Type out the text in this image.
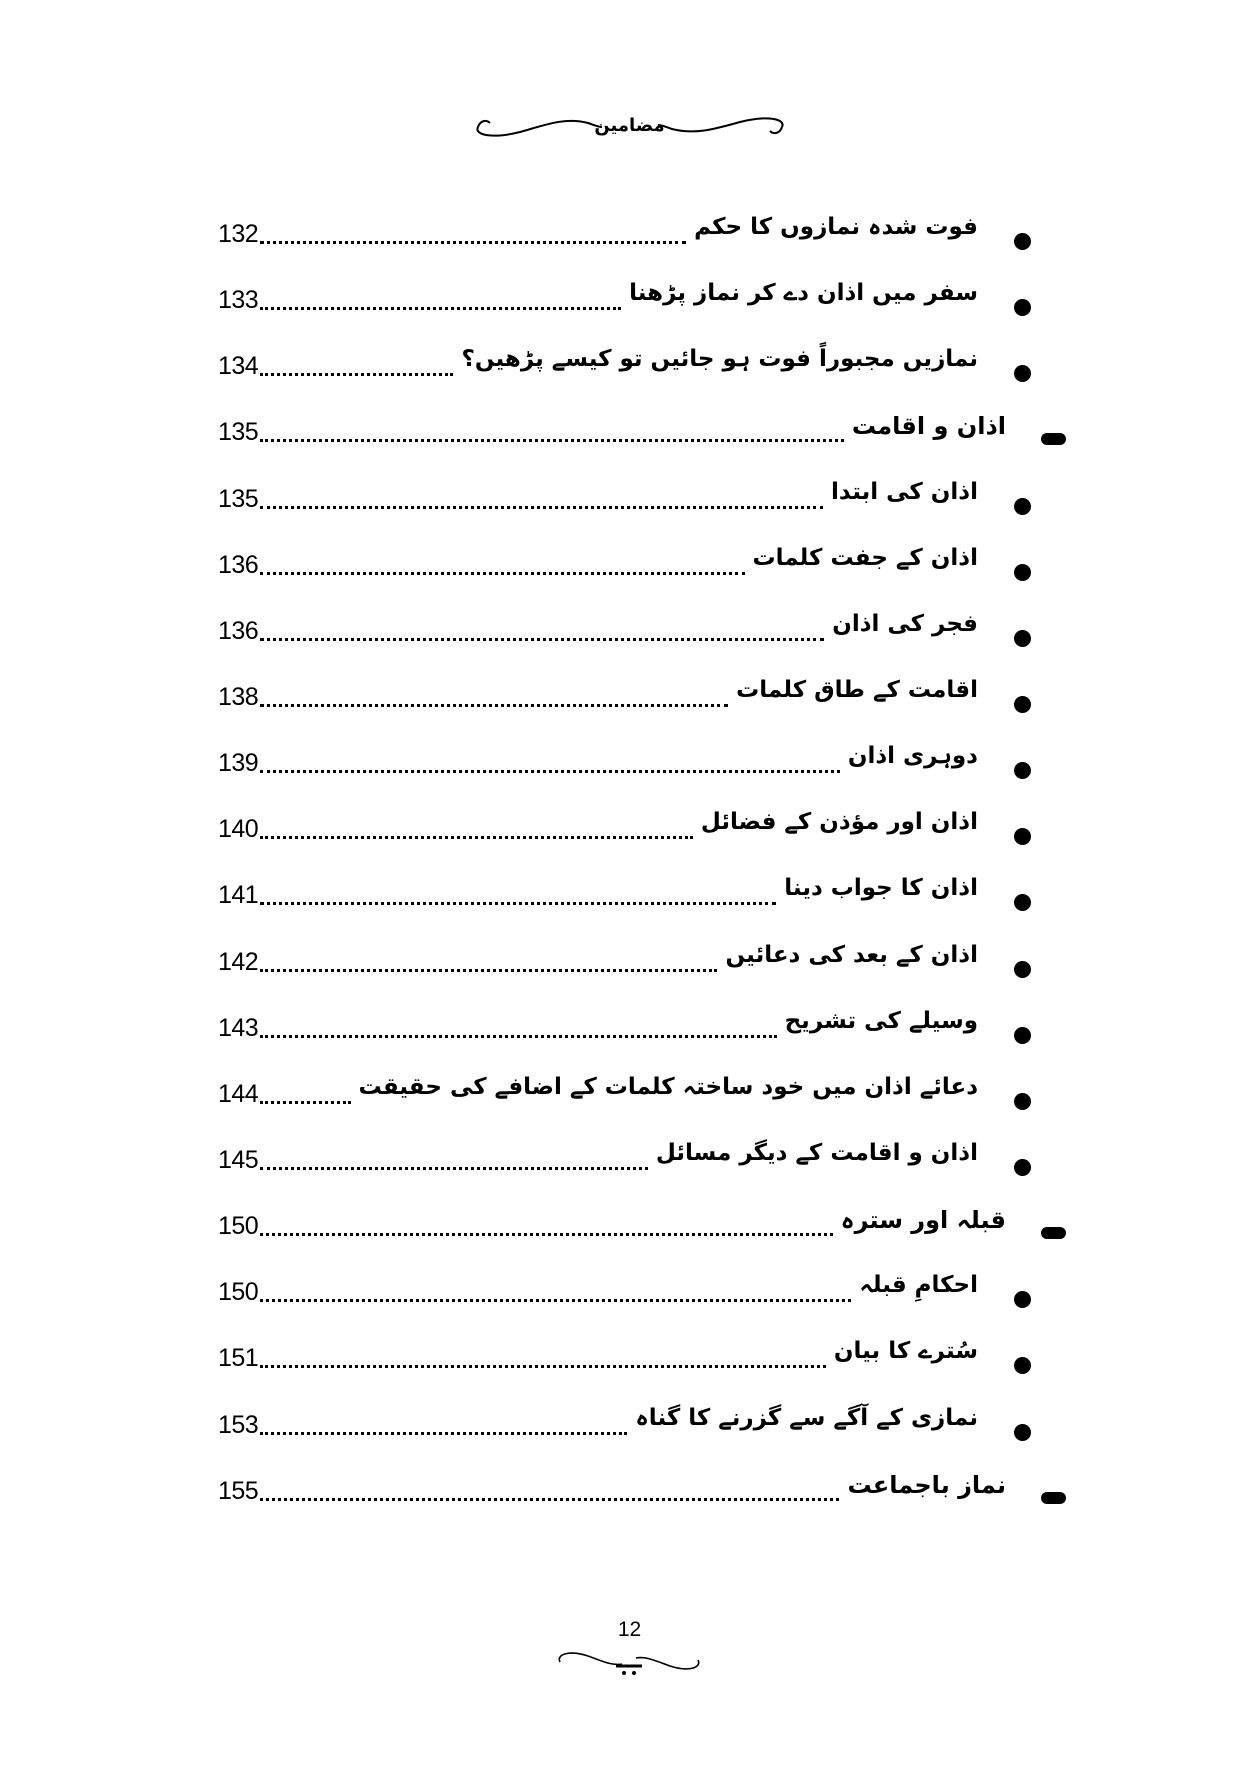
مضامین
132	فوت شدہ نمازوں کا حکم
133	سفر میں اذان دے کر نماز پڑھنا
134	نمازیں مجبوراً فوت ہو جائیں تو کیسے پڑھیں؟
135	اذان و اقامت
135	اذان کی ابتدا
136	اذان کے جفت کلمات
136	فجر کی اذان
138	اقامت کے طاق کلمات
139	دوہری اذان
140	اذان اور مؤذن کے فضائل
141	اذان کا جواب دینا
142	اذان کے بعد کی دعائیں
143	وسیلے کی تشریح
144	دعائے اذان میں خود ساختہ کلمات کے اضافے کی حقیقت
145	اذان و اقامت کے دیگر مسائل
150	قبلہ اور سترہ
150	احکامِ قبلہ
151	سُترے کا بیان
153	نمازی کے آگے سے گزرنے کا گناہ
155	نماز باجماعت
12
